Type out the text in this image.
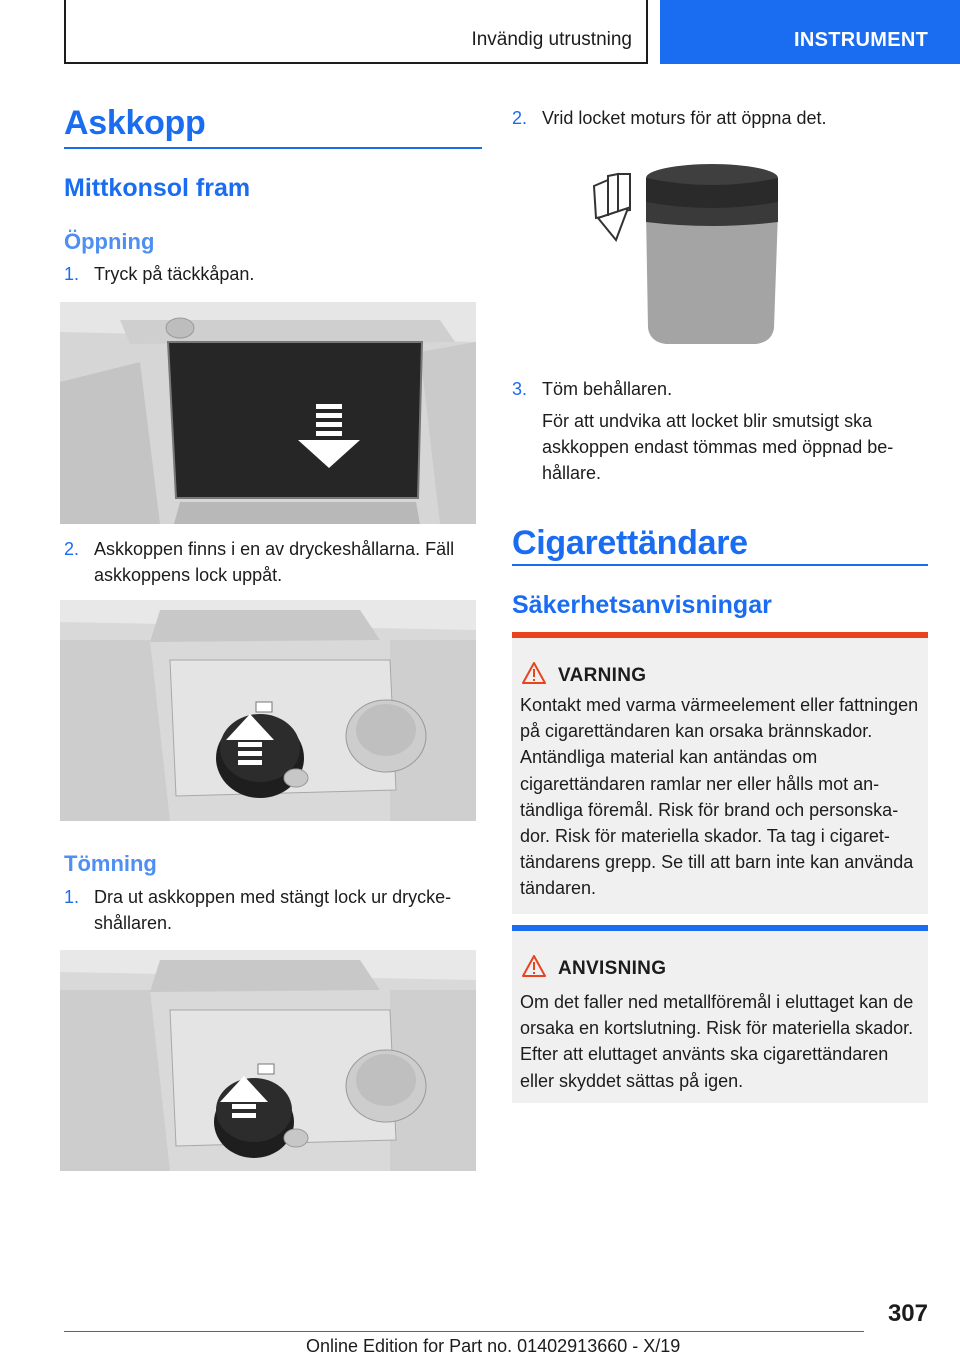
Invändig utrustning	INSTRUMENT
Askkopp
Mittkonsol fram
Öppning
1. Tryck på täckkåpan.
2. Askkoppen finns i en av dryckeshållarna. Fäll askkoppens lock uppåt.
Tömning
1. Dra ut askkoppen med stängt lock ur dryckeshållaren.
2. Vrid locket moturs för att öppna det.
3. Töm behållaren.
För att undvika att locket blir smutsigt ska askkoppen endast tömmas med öppnad behållare.
Cigarettändare
Säkerhetsanvisningar
VARNING
Kontakt med varma värmeelement eller fattningen på cigarettändaren kan orsaka brännskador. Antändliga material kan antändas om cigarettändaren ramlar ner eller hålls mot antändliga föremål. Risk för brand och personskador. Risk för materiella skador. Ta tag i cigarettändarens grepp. Se till att barn inte kan använda tändaren.
ANVISNING
Om det faller ned metallföremål i eluttaget kan de orsaka en kortslutning. Risk för materiella skador. Efter att eluttaget använts ska cigarettändaren eller skyddet sättas på igen.
307
Online Edition for Part no. 01402913660 - X/19
